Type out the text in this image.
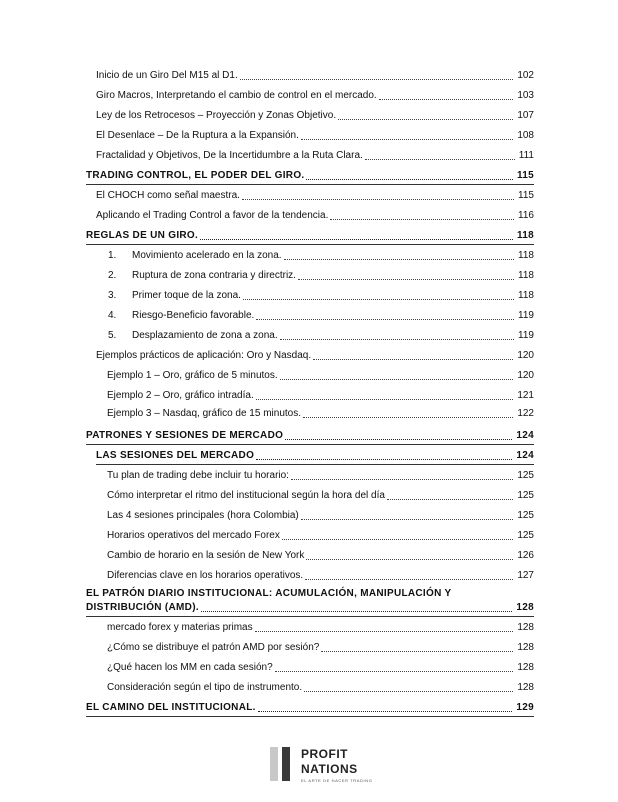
Inicio de un Giro Del M15 al D1.	102
Giro Macros, Interpretando el cambio de control en el mercado.	103
Ley de los Retrocesos – Proyección y Zonas Objetivo.	107
El Desenlace – De la Ruptura a la Expansión.	108
Fractalidad y Objetivos, De la Incertidumbre a la Ruta Clara.	111
TRADING CONTROL, EL PODER DEL GIRO.	115
El CHOCH como señal maestra.	115
Aplicando el Trading Control a favor de la tendencia.	116
REGLAS DE UN GIRO.	118
1.	Movimiento acelerado en la zona.	118
2.	Ruptura de zona contraria y directriz.	118
3.	Primer toque de la zona.	118
4.	Riesgo-Beneficio favorable.	119
5.	Desplazamiento de zona a zona.	119
Ejemplos prácticos de aplicación: Oro y Nasdaq.	120
Ejemplo 1 – Oro, gráfico de 5 minutos.	120
Ejemplo 2 – Oro, gráfico intradía.	121
Ejemplo 3 – Nasdaq, gráfico de 15 minutos.	122
PATRONES Y SESIONES DE MERCADO	124
LAS SESIONES DEL MERCADO	124
Tu plan de trading debe incluir tu horario:	125
Cómo interpretar el ritmo del institucional según la hora del día	125
Las 4 sesiones principales (hora Colombia)	125
Horarios operativos del mercado Forex	125
Cambio de horario en la sesión de New York	126
Diferencias clave en los horarios operativos.	127
EL PATRÓN DIARIO INSTITUCIONAL: ACUMULACIÓN, MANIPULACIÓN Y
DISTRIBUCIÓN (AMD).	128
mercado forex y materias primas	128
¿Cómo se distribuye el patrón AMD por sesión?	128
¿Qué hacen los MM en cada sesión?	128
Consideración según el tipo de instrumento.	128
EL CAMINO DEL INSTITUCIONAL.	129
PROFIT
NATIONS
EL ARTE DE HACER TRADING
